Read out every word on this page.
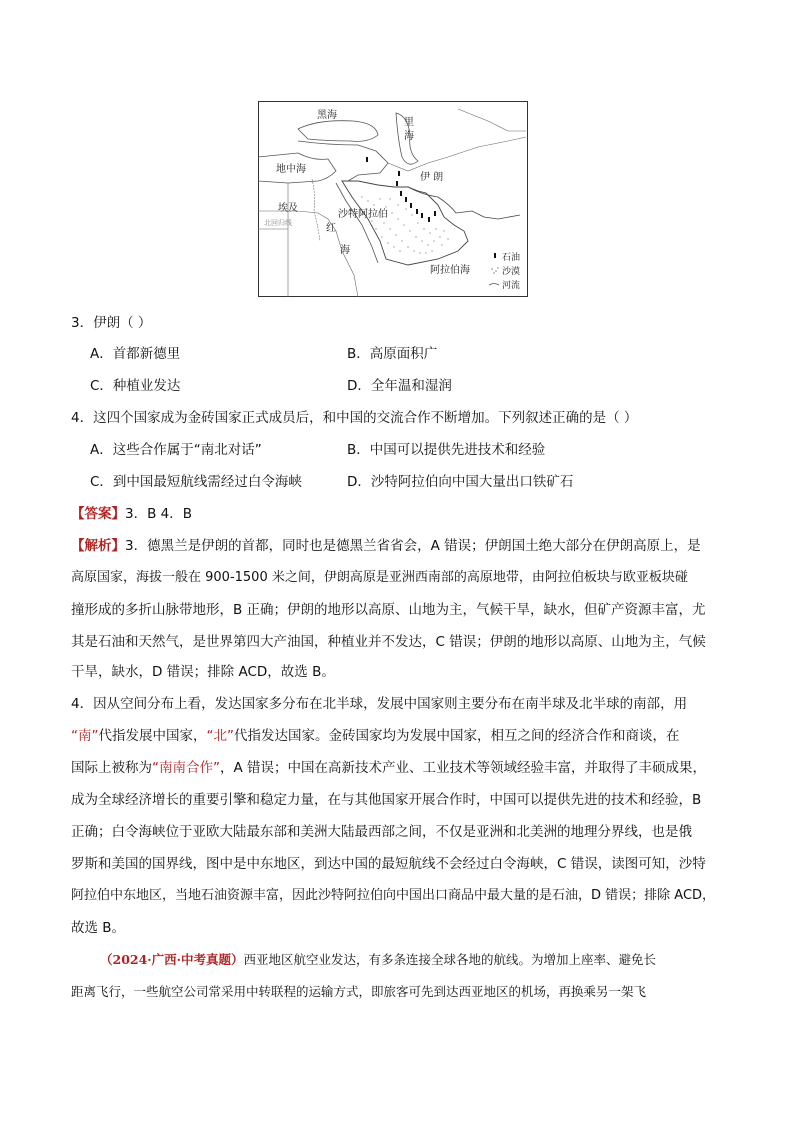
黑海
里
海
地中海
伊 朗
埃及
北回归线
沙特阿拉伯
红
海
阿拉伯海
石油
沙漠
河流
3．伊朗（ ）
A．首都新德里	B．高原面积广
C．种植业发达	D．全年温和湿润
4．这四个国家成为金砖国家正式成员后，和中国的交流合作不断增加。下列叙述正确的是（ ）
A．这些合作属于“南北对话”	B．中国可以提供先进技术和经验
C．到中国最短航线需经过白令海峡	D．沙特阿拉伯向中国大量出口铁矿石
【答案】3．B 4．B
【解析】3．德黑兰是伊朗的首都，同时也是德黑兰省省会，A 错误；伊朗国土绝大部分在伊朗高原上，是
高原国家，海拔一般在 900-1500 米之间，伊朗高原是亚洲西南部的高原地带，由阿拉伯板块与欧亚板块碰
撞形成的多折山脉带地形，B 正确；伊朗的地形以高原、山地为主，气候干旱，缺水，但矿产资源丰富，尤
其是石油和天然气，是世界第四大产油国，种植业并不发达，C 错误；伊朗的地形以高原、山地为主，气候
干旱，缺水，D 错误；排除 ACD，故选 B。
4．因从空间分布上看，发达国家多分布在北半球，发展中国家则主要分布在南半球及北半球的南部，用
“南”代指发展中国家，“北”代指发达国家。金砖国家均为发展中国家，相互之间的经济合作和商谈，在
国际上被称为“南南合作”，A 错误；中国在高新技术产业、工业技术等领域经验丰富，并取得了丰硕成果，
成为全球经济增长的重要引擎和稳定力量，在与其他国家开展合作时，中国可以提供先进的技术和经验，B
正确；白令海峡位于亚欧大陆最东部和美洲大陆最西部之间，不仅是亚洲和北美洲的地理分界线，也是俄
罗斯和美国的国界线，图中是中东地区，到达中国的最短航线不会经过白令海峡，C 错误，读图可知，沙特
阿拉伯中东地区，当地石油资源丰富，因此沙特阿拉伯向中国出口商品中最大量的是石油，D 错误；排除 ACD，
故选 B。
（2024·广西·中考真题）西亚地区航空业发达，有多条连接全球各地的航线。为增加上座率、避免长
距离飞行，一些航空公司常采用中转联程的运输方式，即旅客可先到达西亚地区的机场，再换乘另一架飞
